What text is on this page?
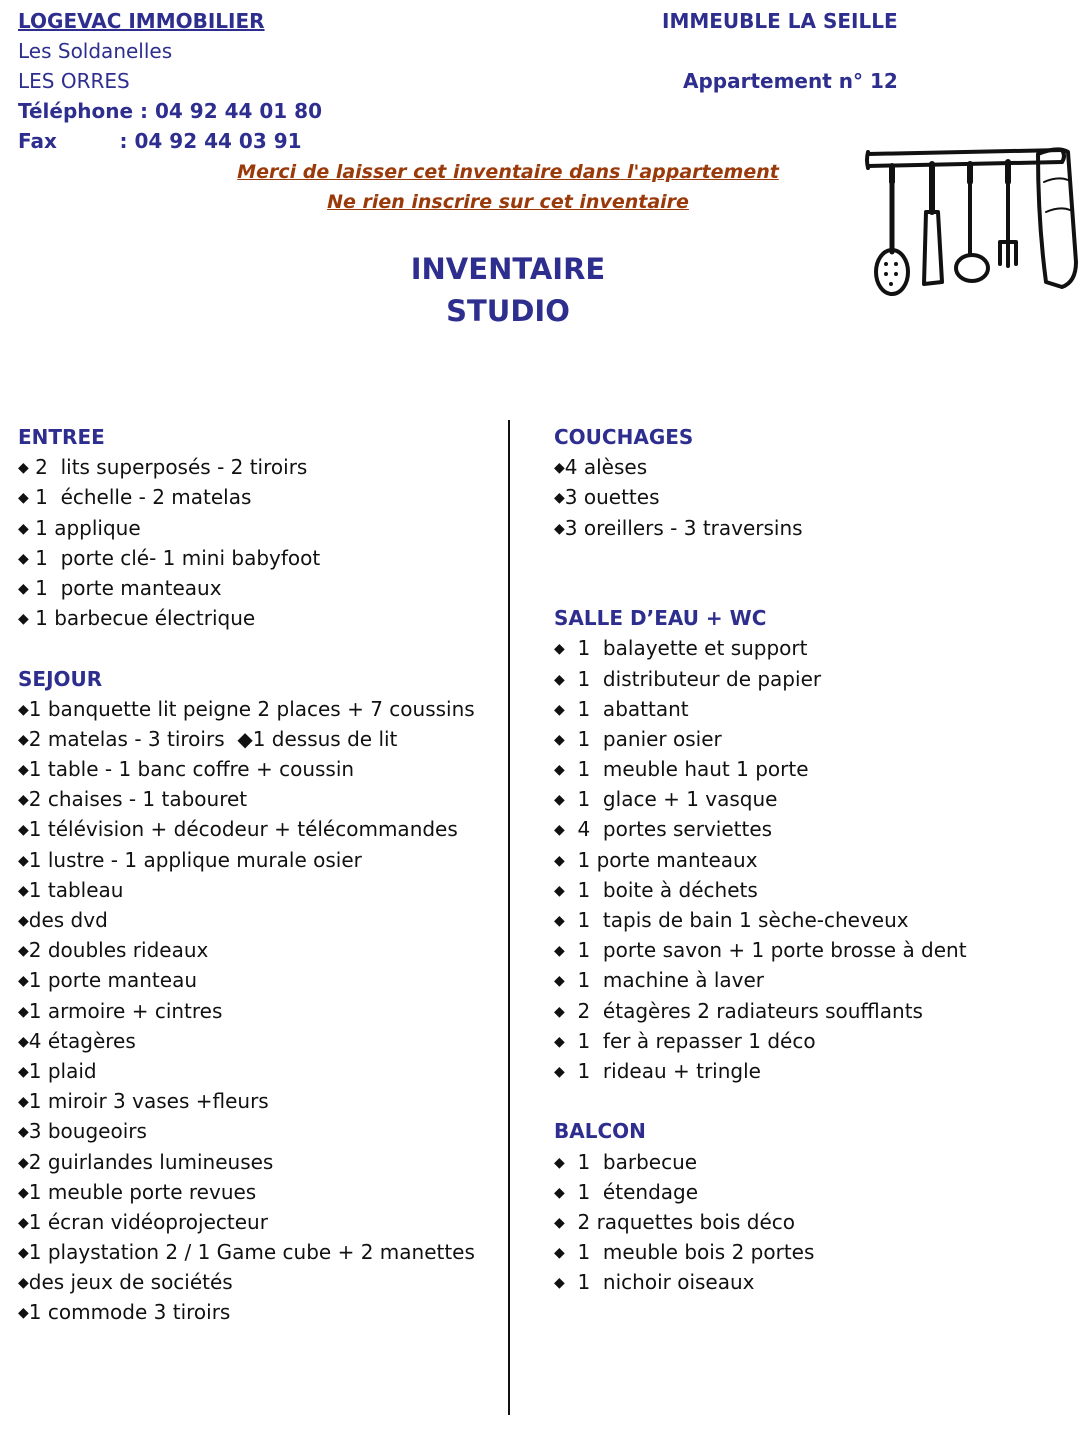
LOGEVAC IMMOBILIER
Les Soldanelles
LES ORRES
Téléphone : 04 92 44 01 80
Fax         : 04 92 44 03 91
IMMEUBLE LA SEILLE
Appartement n° 12
Merci de laisser cet inventaire dans l'appartement
Ne rien inscrire sur cet inventaire
INVENTAIRE
STUDIO
ENTREE
◆ 2  lits superposés - 2 tiroirs
◆ 1  échelle - 2 matelas
◆ 1 applique
◆ 1  porte clé- 1 mini babyfoot
◆ 1  porte manteaux
◆ 1 barbecue électrique
SEJOUR
◆1 banquette lit peigne 2 places + 7 coussins
◆2 matelas - 3 tiroirs  ◆1 dessus de lit
◆1 table - 1 banc coffre + coussin
◆2 chaises - 1 tabouret
◆1 télévision + décodeur + télécommandes
◆1 lustre - 1 applique murale osier
◆1 tableau
◆des dvd
◆2 doubles rideaux
◆1 porte manteau
◆1 armoire + cintres
◆4 étagères
◆1 plaid
◆1 miroir 3 vases +fleurs
◆3 bougeoirs
◆2 guirlandes lumineuses
◆1 meuble porte revues
◆1 écran vidéoprojecteur
◆1 playstation 2 / 1 Game cube + 2 manettes
◆des jeux de sociétés
◆1 commode 3 tiroirs
COUCHAGES
◆4 alèses
◆3 ouettes
◆3 oreillers - 3 traversins
SALLE D’EAU + WC
◆  1  balayette et support
◆  1  distributeur de papier
◆  1  abattant
◆  1  panier osier
◆  1  meuble haut 1 porte
◆  1  glace + 1 vasque
◆  4  portes serviettes
◆  1 porte manteaux
◆  1  boite à déchets
◆  1  tapis de bain 1 sèche-cheveux
◆  1  porte savon + 1 porte brosse à dent
◆  1  machine à laver
◆  2  étagères 2 radiateurs soufflants
◆  1  fer à repasser 1 déco
◆  1  rideau + tringle
BALCON
◆  1  barbecue
◆  1  étendage
◆  2 raquettes bois déco
◆  1  meuble bois 2 portes
◆  1  nichoir oiseaux
